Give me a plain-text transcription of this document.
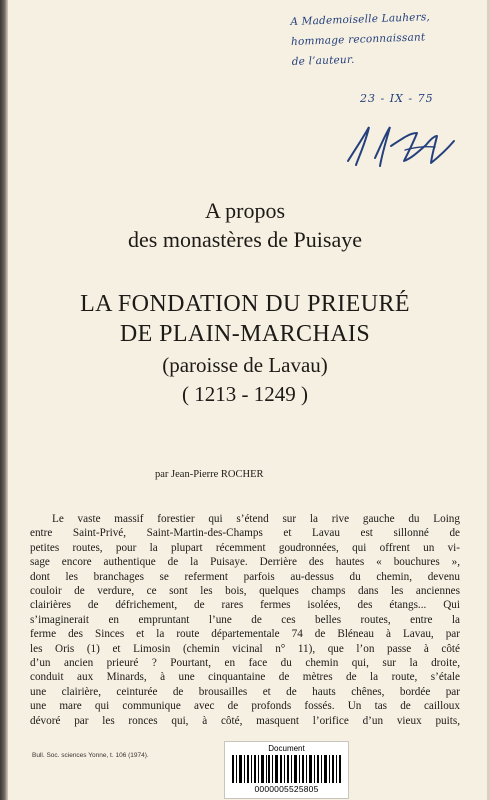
A Mademoiselle Lauhers,
hommage reconnaissant
de l’auteur.
23 - IX - 75
A propos
des monastères de Puisaye
LA FONDATION DU PRIEURÉ
DE PLAIN-MARCHAIS
(paroisse de Lavau)
( 1213 - 1249 )
par Jean-Pierre ROCHER
Le vaste massif forestier qui s’étend sur la rive gauche du Loing
entre Saint-Privé, Saint-Martin-des-Champs et Lavau est sillonné de
petites routes, pour la plupart récemment goudronnées, qui offrent un vi-
sage encore authentique de la Puisaye. Derrière des hautes « bouchures »,
dont les branchages se referment parfois au-dessus du chemin, devenu
couloir de verdure, ce sont les bois, quelques champs dans les anciennes
clairières de défrichement, de rares fermes isolées, des étangs... Qui
s’imaginerait en empruntant l’une de ces belles routes, entre la
ferme des Sinces et la route départementale 74 de Bléneau à Lavau, par
les Oris (1) et Limosin (chemin vicinal n° 11), que l’on passe à côté
d’un ancien prieuré ? Pourtant, en face du chemin qui, sur la droite,
conduit aux Minards, à une cinquantaine de mètres de la route, s’étale
une clairière, ceinturée de brousailles et de hauts chênes, bordée par
une mare qui communique avec de profonds fossés. Un tas de cailloux
dévoré par les ronces qui, à côté, masquent l’orifice d’un vieux puits,
Bull. Soc. sciences Yonne, t. 106 (1974).
Document
0000005525805
